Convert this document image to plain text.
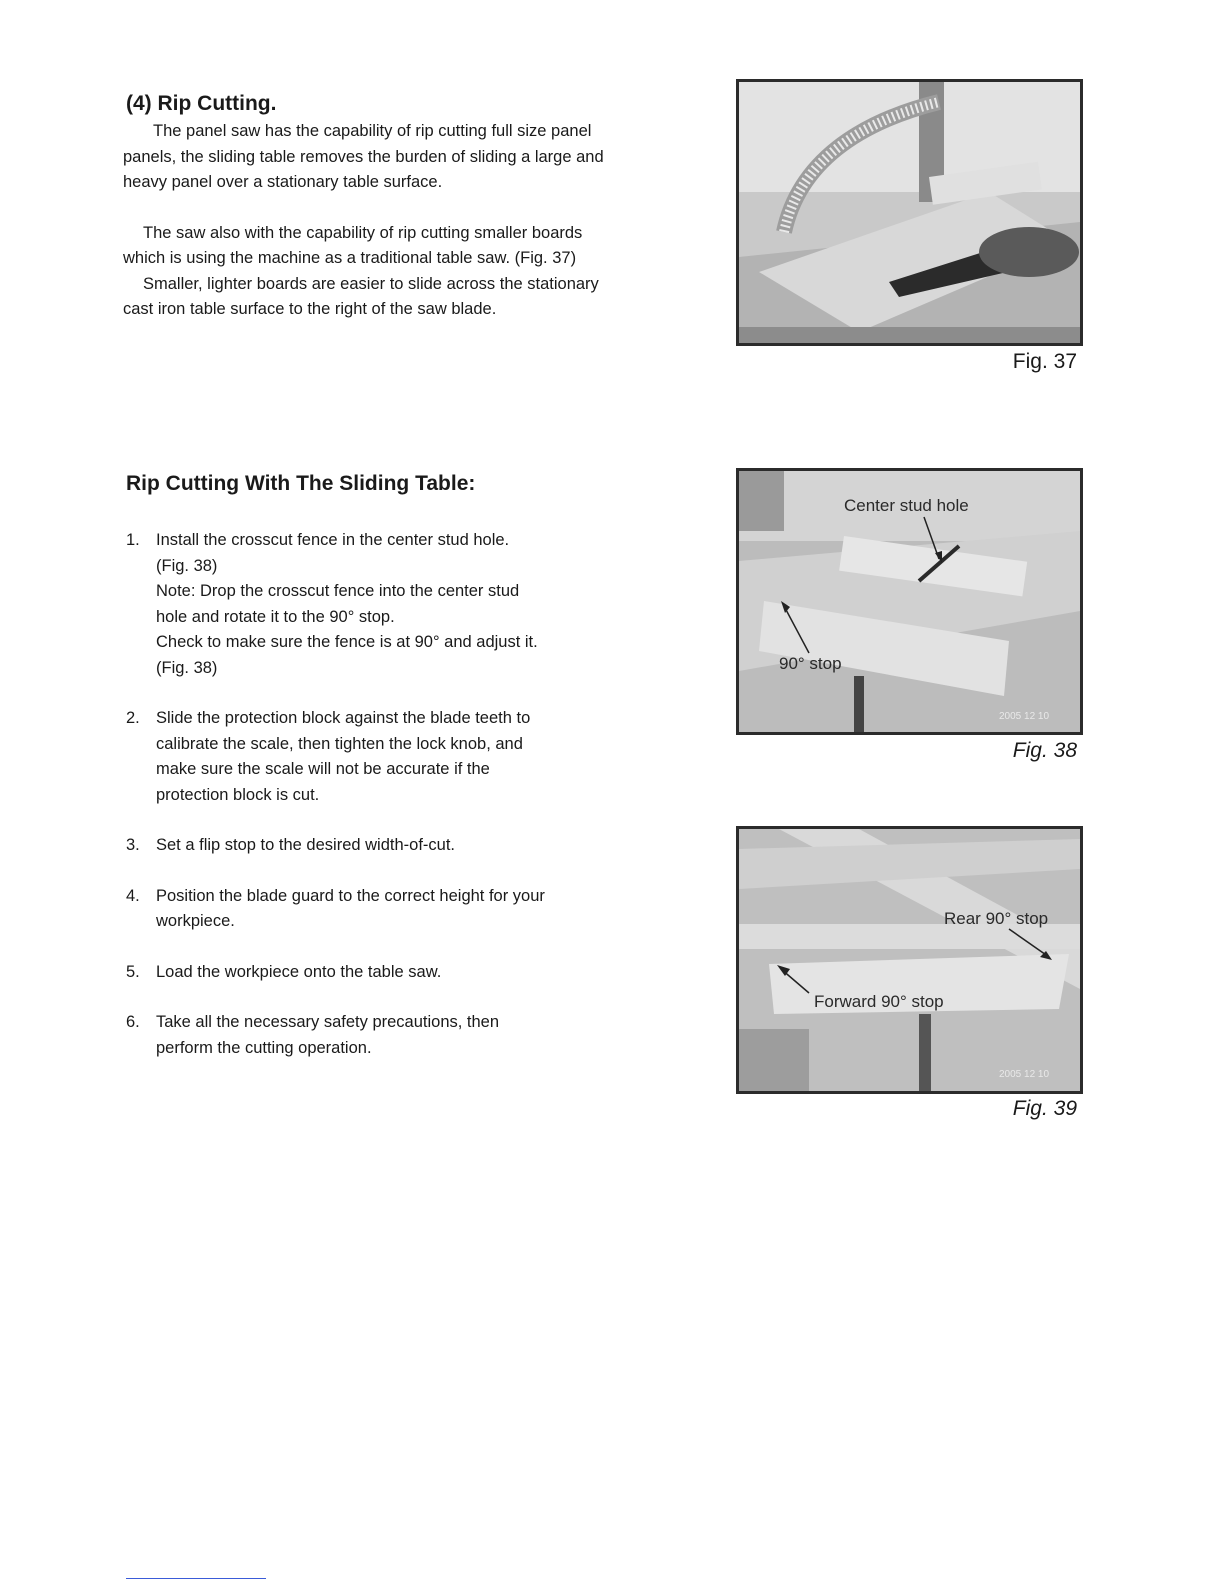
(4) Rip Cutting.

The panel saw has the capability of rip cutting full size panel panels, the sliding table removes the burden of sliding a large and heavy panel over a stationary table surface.

The saw also with the capability of rip cutting smaller boards which is using the machine as a traditional table saw. (Fig. 37)

Smaller, lighter boards are easier to slide across the stationary cast iron table surface to the right of the saw blade.

Rip Cutting With The Sliding Table:
1. Install the crosscut fence in the center stud hole.
(Fig. 38)
Note: Drop the crosscut fence into the center stud
hole and rotate it to the 90° stop.
Check to make sure the fence is at 90° and adjust it.
(Fig. 38)
2. Slide the protection block against the blade teeth to
calibrate the scale, then tighten the lock knob, and
make sure the scale will not be accurate if the
protection block is cut.
3. Set a flip stop to the desired width-of-cut.
4. Position the blade guard to the correct height for your
workpiece.
5. Load the workpiece onto the table saw.
6. Take all the necessary safety precautions, then
perform the cutting operation.
Fig. 37
Center stud hole
90° stop
2005 12 10
Fig. 38
Rear 90° stop
Forward 90° stop
2005 12 10
Fig. 39
